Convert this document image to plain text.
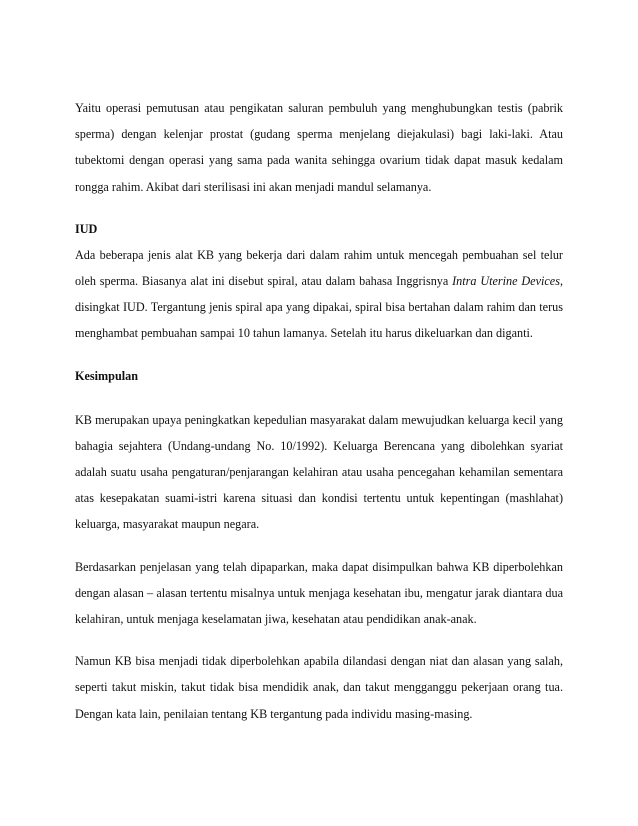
Yaitu operasi pemutusan atau pengikatan saluran pembuluh yang menghubungkan testis (pabrik sperma) dengan kelenjar prostat (gudang sperma menjelang diejakulasi) bagi laki-laki. Atau tubektomi dengan operasi yang sama pada wanita sehingga ovarium tidak dapat masuk kedalam rongga rahim. Akibat dari sterilisasi ini akan menjadi mandul selamanya.

IUD

Ada beberapa jenis alat KB yang bekerja dari dalam rahim untuk mencegah pembuahan sel telur oleh sperma. Biasanya alat ini disebut spiral, atau dalam bahasa Inggrisnya Intra Uterine Devices, disingkat IUD. Tergantung jenis spiral apa yang dipakai, spiral bisa bertahan dalam rahim dan terus menghambat pembuahan sampai 10 tahun lamanya. Setelah itu harus dikeluarkan dan diganti.

Kesimpulan

KB merupakan upaya peningkatkan kepedulian masyarakat dalam mewujudkan keluarga kecil yang bahagia sejahtera (Undang-undang No. 10/1992). Keluarga Berencana yang dibolehkan syariat adalah suatu usaha pengaturan/penjarangan kelahiran atau usaha pencegahan kehamilan sementara atas kesepakatan suami-istri karena situasi dan kondisi tertentu untuk kepentingan (mashlahat) keluarga, masyarakat maupun negara.

Berdasarkan penjelasan yang telah dipaparkan, maka dapat disimpulkan bahwa KB diperbolehkan dengan alasan – alasan tertentu misalnya untuk menjaga kesehatan ibu, mengatur jarak diantara dua kelahiran, untuk menjaga keselamatan jiwa, kesehatan atau pendidikan anak-anak.

Namun KB bisa menjadi tidak diperbolehkan apabila dilandasi dengan niat dan alasan yang salah, seperti takut miskin, takut tidak bisa mendidik anak, dan takut mengganggu pekerjaan orang tua. Dengan kata lain, penilaian tentang KB tergantung pada individu masing-masing.
